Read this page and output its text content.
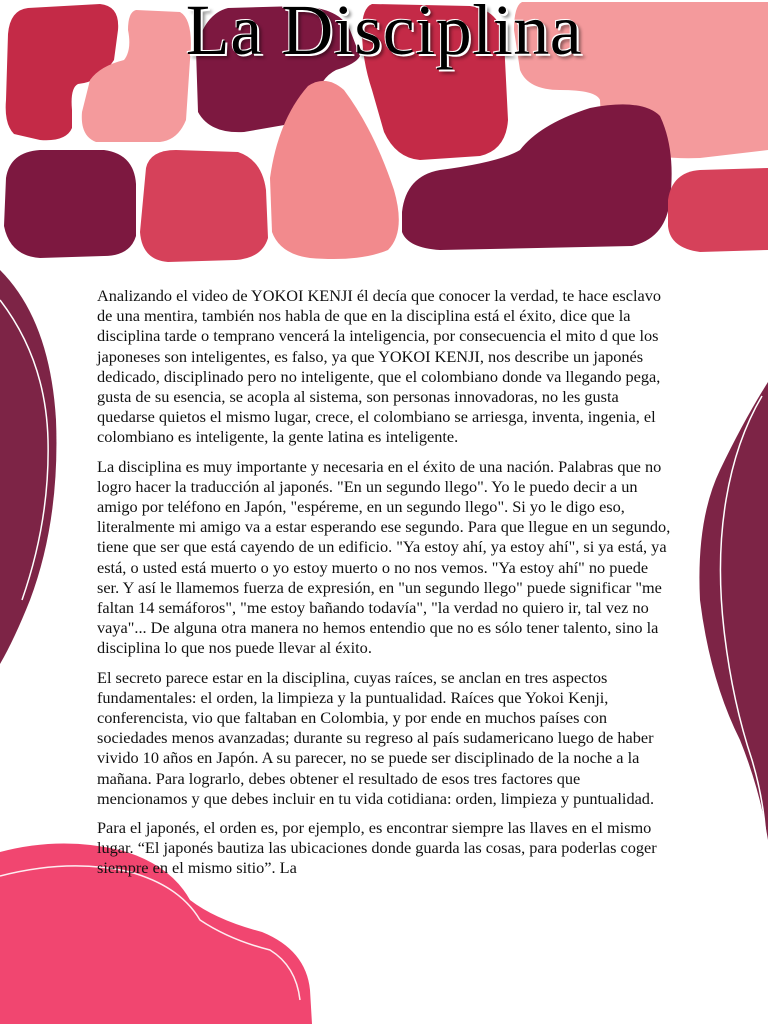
La Disciplina

Analizando el video de YOKOI KENJI él decía que conocer la verdad, te hace esclavo de una mentira, también nos habla de que en la disciplina está el éxito, dice que la disciplina tarde o temprano vencerá la inteligencia, por consecuencia el mito d que los japoneses son inteligentes, es falso, ya que YOKOI KENJI, nos describe un japonés dedicado, disciplinado pero no inteligente, que el colombiano donde va llegando pega, gusta de su esencia, se acopla al sistema, son personas innovadoras, no les gusta quedarse quietos el mismo lugar, crece, el colombiano se arriesga, inventa, ingenia, el colombiano es inteligente, la gente latina es inteligente.

La disciplina es muy importante y necesaria en el éxito de una nación. Palabras que no logro hacer la traducción al japonés. "En un segundo llego". Yo le puedo decir a un amigo por teléfono en Japón, "espéreme, en un segundo llego". Si yo le digo eso, literalmente mi amigo va a estar esperando ese segundo. Para que llegue en un segundo, tiene que ser que está cayendo de un edificio. "Ya estoy ahí, ya estoy ahí", si ya está, ya está, o usted está muerto o yo estoy muerto o no nos vemos. "Ya estoy ahí" no puede ser. Y así le llamemos fuerza de expresión, en "un segundo llego" puede significar "me faltan 14 semáforos", "me estoy bañando todavía", "la verdad no quiero ir, tal vez no vaya"... De alguna otra manera no hemos entendio que no es sólo tener talento, sino la disciplina lo que nos puede llevar al éxito.

El secreto parece estar en la disciplina, cuyas raíces, se anclan en tres aspectos fundamentales: el orden, la limpieza y la puntualidad. Raíces que Yokoi Kenji, conferencista, vio que faltaban en Colombia, y por ende en muchos países con sociedades menos avanzadas; durante su regreso al país sudamericano luego de haber vivido 10 años en Japón. A su parecer, no se puede ser disciplinado de la noche a la mañana. Para lograrlo, debes obtener el resultado de esos tres factores que mencionamos y que debes incluir en tu vida cotidiana: orden, limpieza y puntualidad.

Para el japonés, el orden es, por ejemplo, es encontrar siempre las llaves en el mismo lugar. “El japonés bautiza las ubicaciones donde guarda las cosas, para poderlas coger siempre en el mismo sitio”. La
